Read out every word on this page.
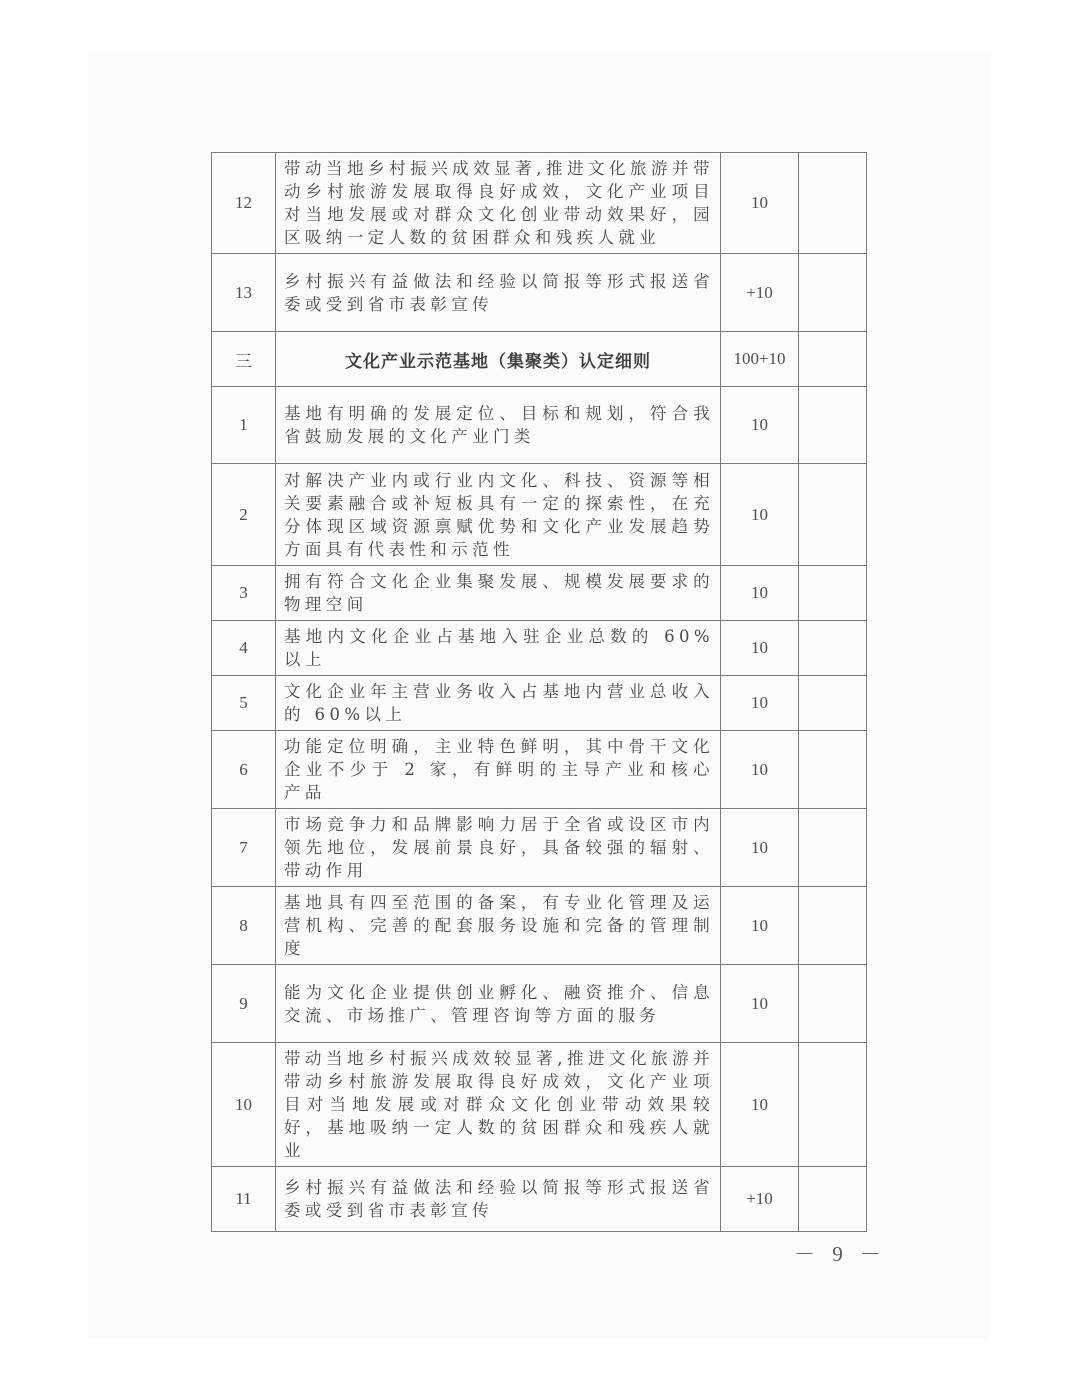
12	带动当地乡村振兴成效显著,推进文化旅游并带动乡村旅游发展取得良好成效，文化产业项目对当地发展或对群众文化创业带动效果好，园区吸纳一定人数的贫困群众和残疾人就业	10	
13	乡村振兴有益做法和经验以简报等形式报送省委或受到省市表彰宣传	+10	
三	文化产业示范基地（集聚类）认定细则	100+10	
1	基地有明确的发展定位、目标和规划，符合我省鼓励发展的文化产业门类	10	
2	对解决产业内或行业内文化、科技、资源等相关要素融合或补短板具有一定的探索性，在充分体现区域资源禀赋优势和文化产业发展趋势方面具有代表性和示范性	10	
3	拥有符合文化企业集聚发展、规模发展要求的物理空间	10	
4	基地内文化企业占基地入驻企业总数的 60%以上	10	
5	文化企业年主营业务收入占基地内营业总收入的 60%以上	10	
6	功能定位明确，主业特色鲜明，其中骨干文化企业不少于 2 家，有鲜明的主导产业和核心产品	10	
7	市场竞争力和品牌影响力居于全省或设区市内领先地位，发展前景良好，具备较强的辐射、带动作用	10	
8	基地具有四至范围的备案，有专业化管理及运营机构、完善的配套服务设施和完备的管理制度	10	
9	能为文化企业提供创业孵化、融资推介、信息交流、市场推广、管理咨询等方面的服务	10	
10	带动当地乡村振兴成效较显著,推进文化旅游并带动乡村旅游发展取得良好成效，文化产业项目对当地发展或对群众文化创业带动效果较好，基地吸纳一定人数的贫困群众和残疾人就业	10	
11	乡村振兴有益做法和经验以简报等形式报送省委或受到省市表彰宣传	+10	
－ 9 －
